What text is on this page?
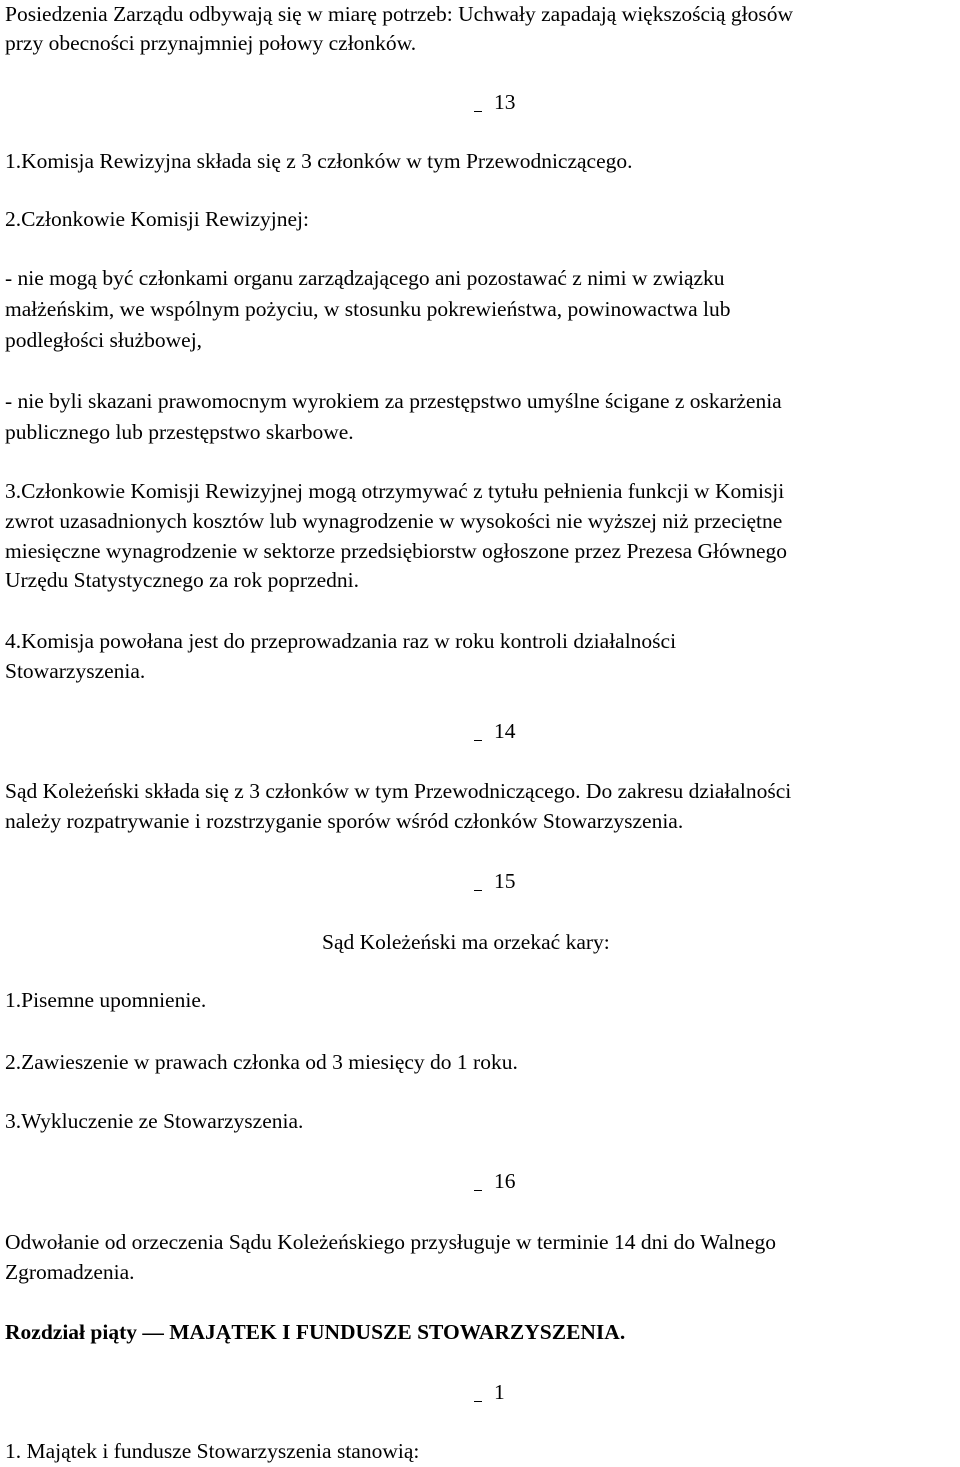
Posiedzenia Zarządu odbywają się w miarę potrzeb: Uchwały zapadają większością głosów

przy obecności przynajmniej połowy członków.

13

1.Komisja Rewizyjna składa się z 3 członków w tym Przewodniczącego.

2.Członkowie Komisji Rewizyjnej:

- nie mogą być członkami organu zarządzającego ani pozostawać z nimi w związku

małżeńskim, we wspólnym pożyciu, w stosunku pokrewieństwa, powinowactwa lub

podległości służbowej,

- nie byli skazani prawomocnym wyrokiem za przestępstwo umyślne ścigane z oskarżenia

publicznego lub przestępstwo skarbowe.

3.Członkowie Komisji Rewizyjnej mogą otrzymywać z tytułu pełnienia funkcji w Komisji

zwrot uzasadnionych kosztów lub wynagrodzenie w wysokości nie wyższej niż przeciętne

miesięczne wynagrodzenie w sektorze przedsiębiorstw ogłoszone przez Prezesa Głównego

Urzędu Statystycznego za rok poprzedni.

4.Komisja powołana jest do przeprowadzania raz w roku kontroli działalności

Stowarzyszenia.

14

Sąd Koleżeński składa się z 3 członków w tym Przewodniczącego. Do zakresu działalności

należy rozpatrywanie i rozstrzyganie sporów wśród członków Stowarzyszenia.

15

Sąd Koleżeński ma orzekać kary:

1.Pisemne upomnienie.

2.Zawieszenie w prawach członka od 3 miesięcy do 1 roku.

3.Wykluczenie ze Stowarzyszenia.

16

Odwołanie od orzeczenia Sądu Koleżeńskiego przysługuje w terminie 14 dni do Walnego

Zgromadzenia.

Rozdział piąty — MAJĄTEK I FUNDUSZE STOWARZYSZENIA.

1

1. Majątek i fundusze Stowarzyszenia stanowią:
